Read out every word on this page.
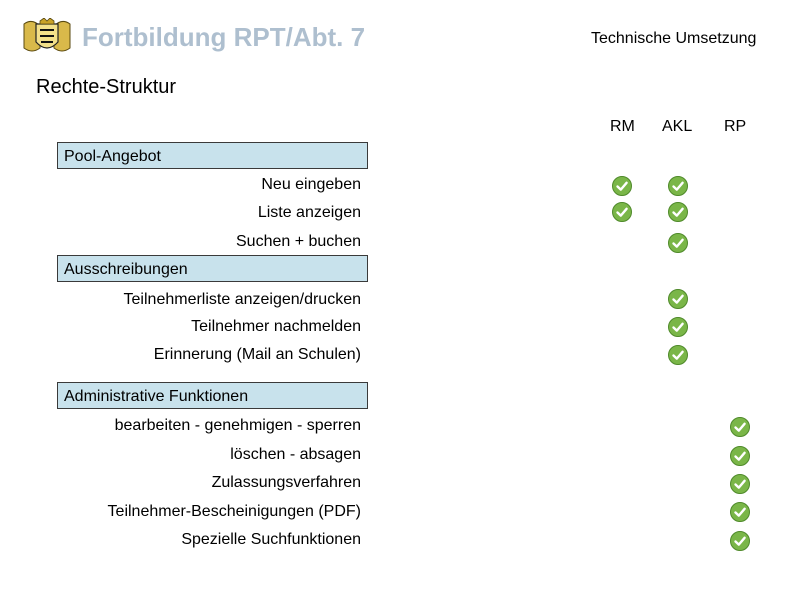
Fortbildung RPT/Abt. 7	Technische Umsetzung
Rechte-Struktur
RM AKL RP
Pool-Angebot
Neu eingeben
Liste anzeigen
Suchen + buchen
Ausschreibungen
Teilnehmerliste anzeigen/drucken
Teilnehmer nachmelden
Erinnerung (Mail an Schulen)
Administrative Funktionen
bearbeiten - genehmigen - sperren
löschen - absagen
Zulassungsverfahren
Teilnehmer-Bescheinigungen (PDF)
Spezielle Suchfunktionen
